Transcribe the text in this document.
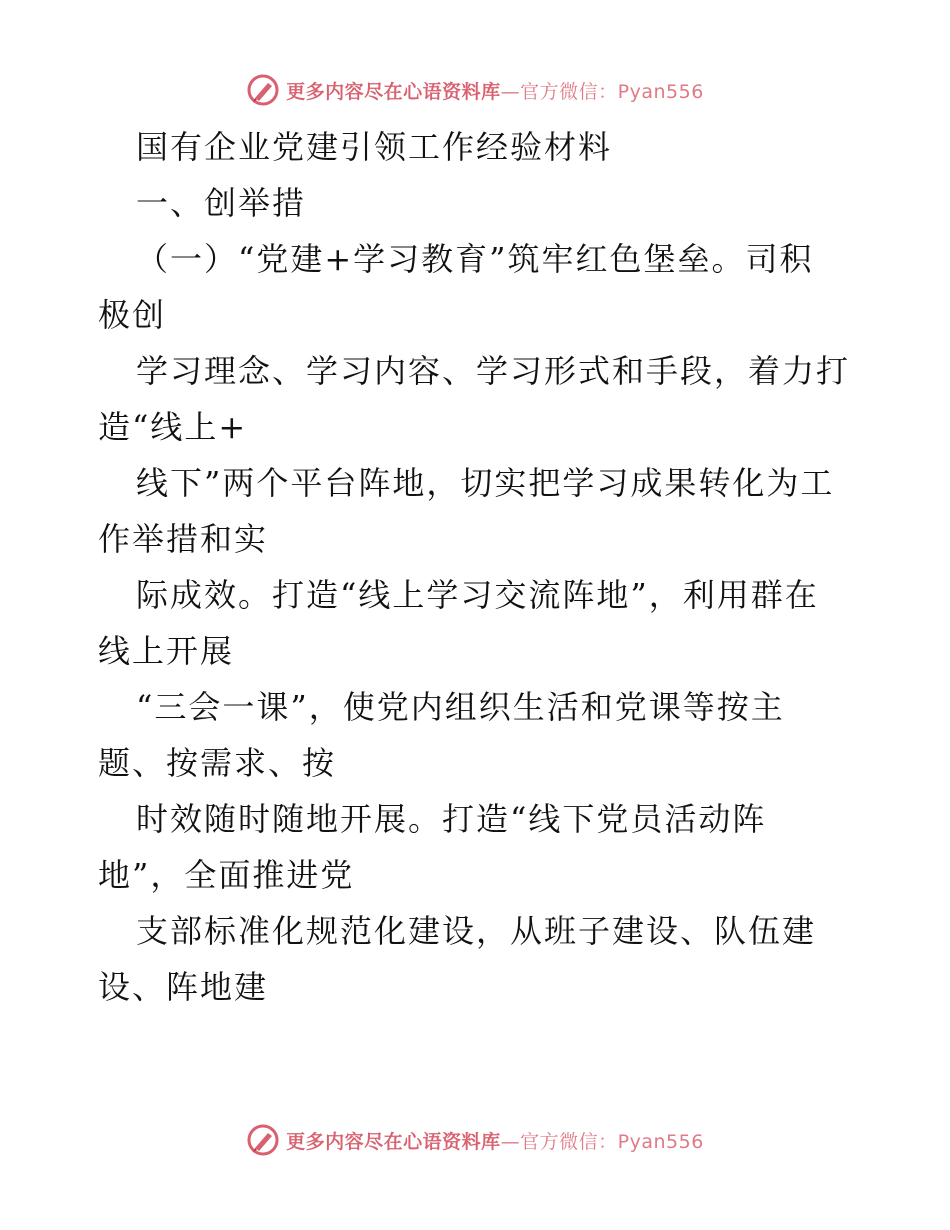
更多内容尽在心语资料库—官方微信：Pyan556
国有企业党建引领工作经验材料
一、创举措
（一）“党建+学习教育”筑牢红色堡垒。司积
极创
学习理念、学习内容、学习形式和手段，着力打
造“线上+
线下”两个平台阵地，切实把学习成果转化为工
作举措和实
际成效。打造“线上学习交流阵地”，利用群在
线上开展
“三会一课”，使党内组织生活和党课等按主
题、按需求、按
时效随时随地开展。打造“线下党员活动阵
地”，全面推进党
支部标准化规范化建设，从班子建设、队伍建
设、阵地建
更多内容尽在心语资料库—官方微信：Pyan556
